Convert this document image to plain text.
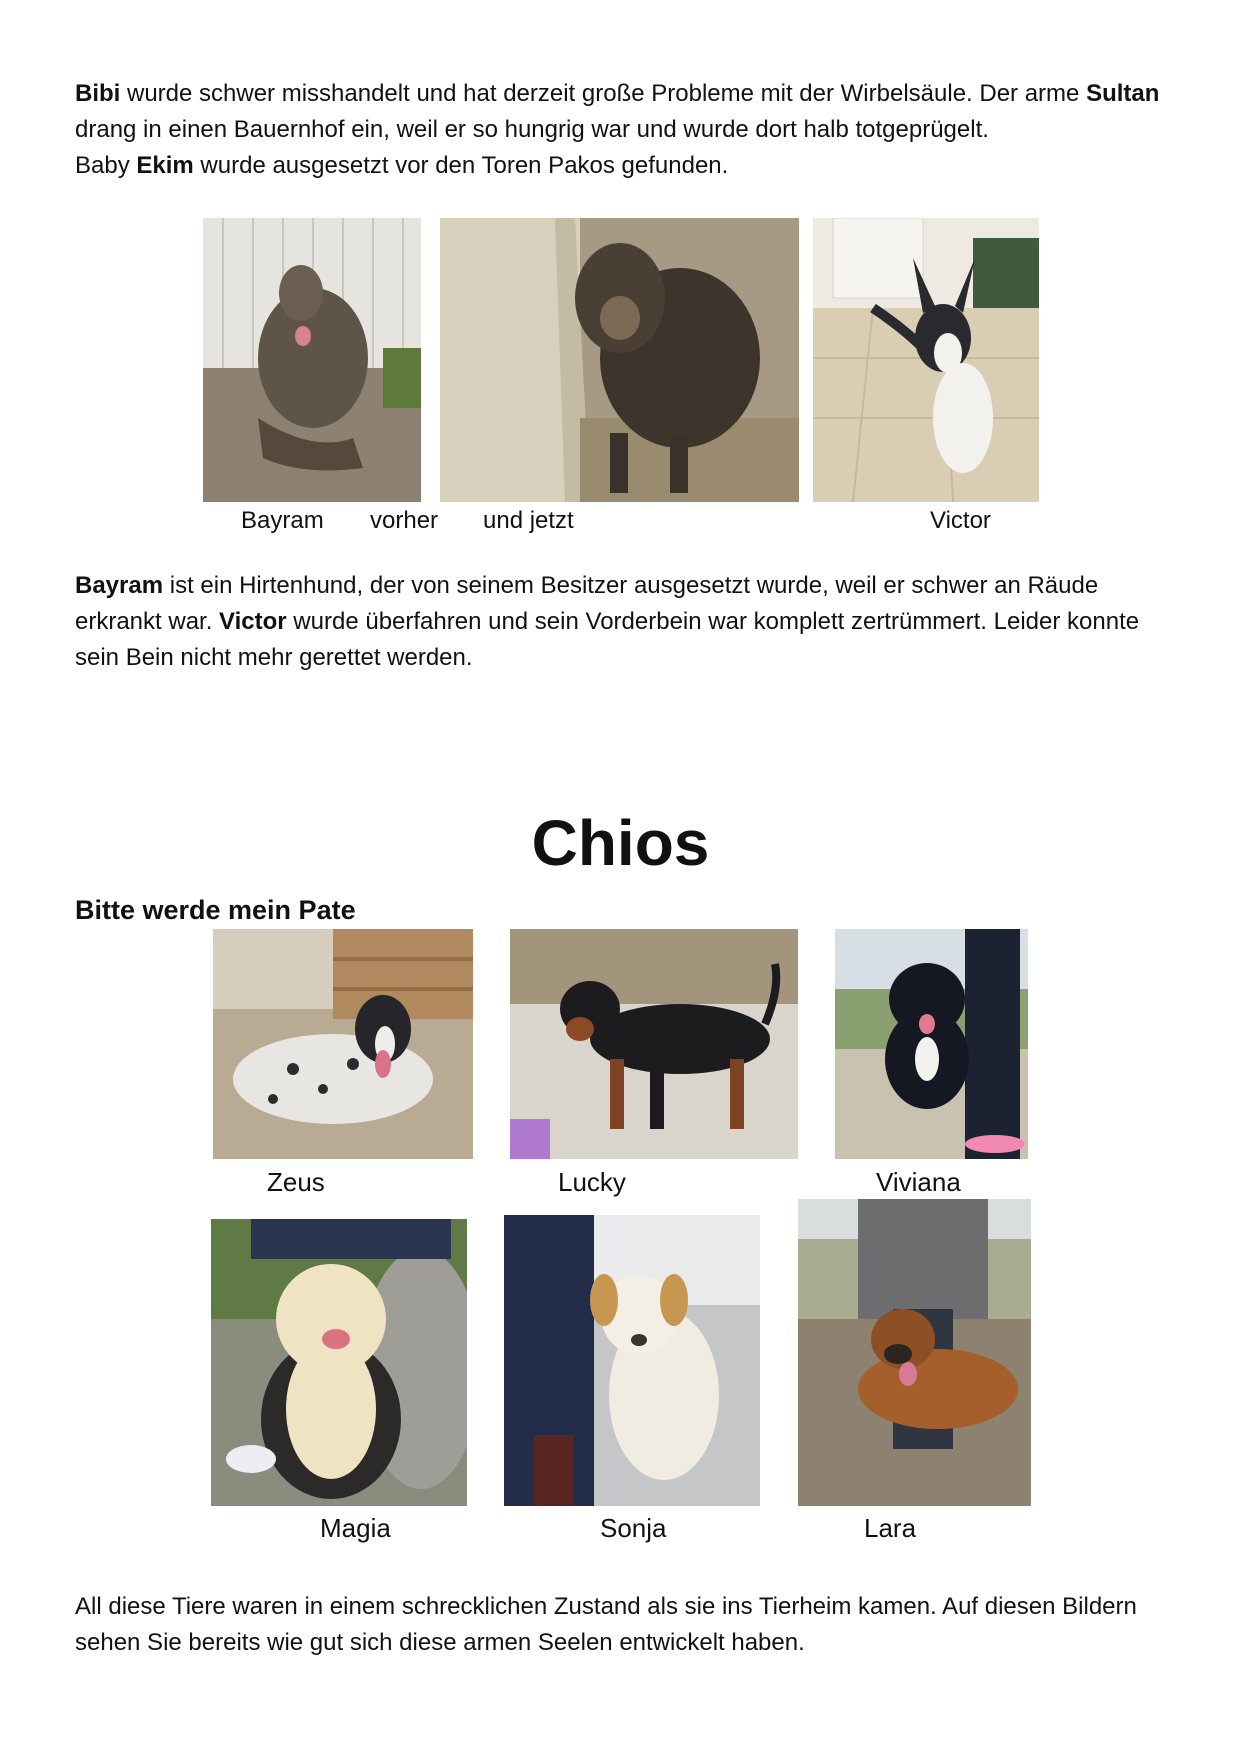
Bibi wurde schwer misshandelt und hat derzeit große Probleme mit der Wirbelsäule. Der arme Sultan drang in einen Bauernhof ein, weil er so hungrig war und wurde dort halb totgeprügelt.
Baby Ekim wurde ausgesetzt vor den Toren Pakos gefunden.

Bayram vorher und jetzt	Victor

Bayram ist ein Hirtenhund, der von seinem Besitzer ausgesetzt wurde, weil er schwer an Räude erkrankt war. Victor wurde überfahren und sein Vorderbein war komplett zertrümmert. Leider konnte sein Bein nicht mehr gerettet werden.

Chios
Bitte werde mein Pate
Zeus	Lucky	Viviana
Magia	Sonja	Lara

All diese Tiere waren in einem schrecklichen Zustand als sie ins Tierheim kamen. Auf diesen Bildern sehen Sie bereits wie gut sich diese armen Seelen entwickelt haben.
